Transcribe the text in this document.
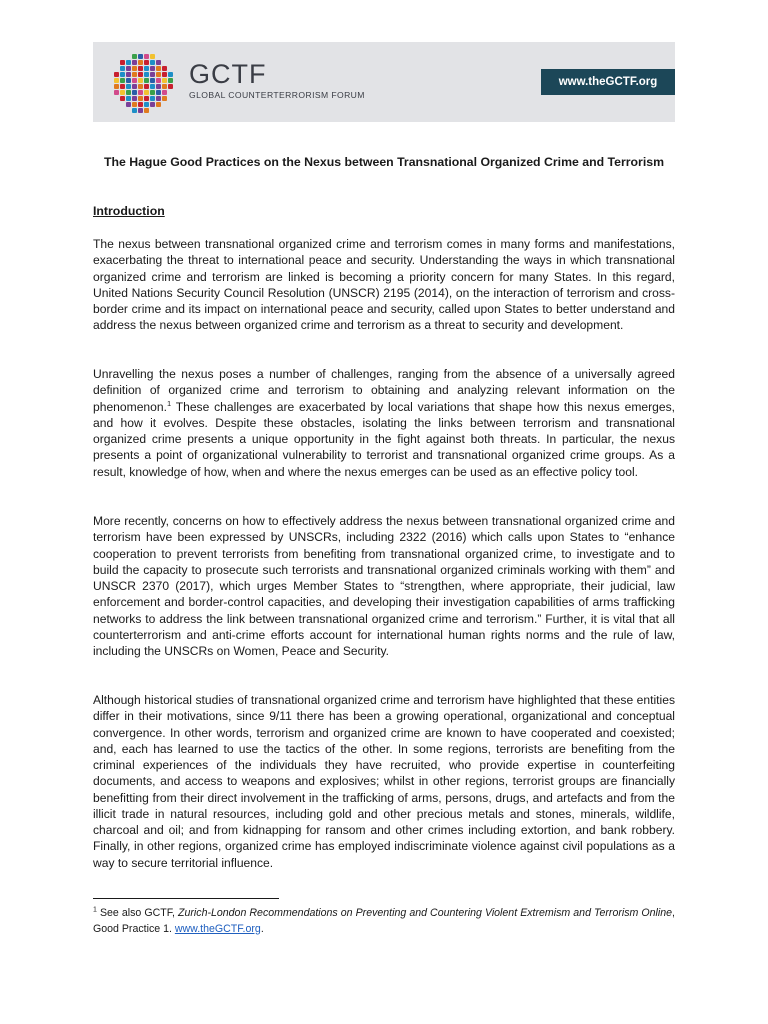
GCTF
GLOBAL COUNTERTERRORISM FORUM
www.theGCTF.org
The Hague Good Practices on the Nexus between Transnational Organized Crime and Terrorism
Introduction

The nexus between transnational organized crime and terrorism comes in many forms and manifestations, exacerbating the threat to international peace and security. Understanding the ways in which transnational organized crime and terrorism are linked is becoming a priority concern for many States. In this regard, United Nations Security Council Resolution (UNSCR) 2195 (2014), on the interaction of terrorism and cross-border crime and its impact on international peace and security, called upon States to better understand and address the nexus between organized crime and terrorism as a threat to security and development.

Unravelling the nexus poses a number of challenges, ranging from the absence of a universally agreed definition of organized crime and terrorism to obtaining and analyzing relevant information on the phenomenon.$^1$ These challenges are exacerbated by local variations that shape how this nexus emerges, and how it evolves. Despite these obstacles, isolating the links between terrorism and transnational organized crime presents a unique opportunity in the fight against both threats. In particular, the nexus presents a point of organizational vulnerability to terrorist and transnational organized crime groups. As a result, knowledge of how, when and where the nexus emerges can be used as an effective policy tool.

More recently, concerns on how to effectively address the nexus between transnational organized crime and terrorism have been expressed by UNSCRs, including 2322 (2016) which calls upon States to “enhance cooperation to prevent terrorists from benefiting from transnational organized crime, to investigate and to build the capacity to prosecute such terrorists and transnational organized criminals working with them” and UNSCR 2370 (2017), which urges Member States to “strengthen, where appropriate, their judicial, law enforcement and border-control capacities, and developing their investigation capabilities of arms trafficking networks to address the link between transnational organized crime and terrorism.” Further, it is vital that all counterterrorism and anti-crime efforts account for international human rights norms and the rule of law, including the UNSCRs on Women, Peace and Security.

Although historical studies of transnational organized crime and terrorism have highlighted that these entities differ in their motivations, since 9/11 there has been a growing operational, organizational and conceptual convergence. In other words, terrorism and organized crime are known to have cooperated and coexisted; and, each has learned to use the tactics of the other. In some regions, terrorists are benefiting from the criminal experiences of the individuals they have recruited, who provide expertise in counterfeiting documents, and access to weapons and explosives; whilst in other regions, terrorist groups are financially benefitting from their direct involvement in the trafficking of arms, persons, drugs, and artefacts and from the illicit trade in natural resources, including gold and other precious metals and stones, minerals, wildlife, charcoal and oil; and from kidnapping for ransom and other crimes including extortion, and bank robbery. Finally, in other regions, organized crime has employed indiscriminate violence against civil populations as a way to secure territorial influence.

$^1$ See also GCTF, Zurich-London Recommendations on Preventing and Countering Violent Extremism and Terrorism Online, Good Practice 1. www.theGCTF.org.
